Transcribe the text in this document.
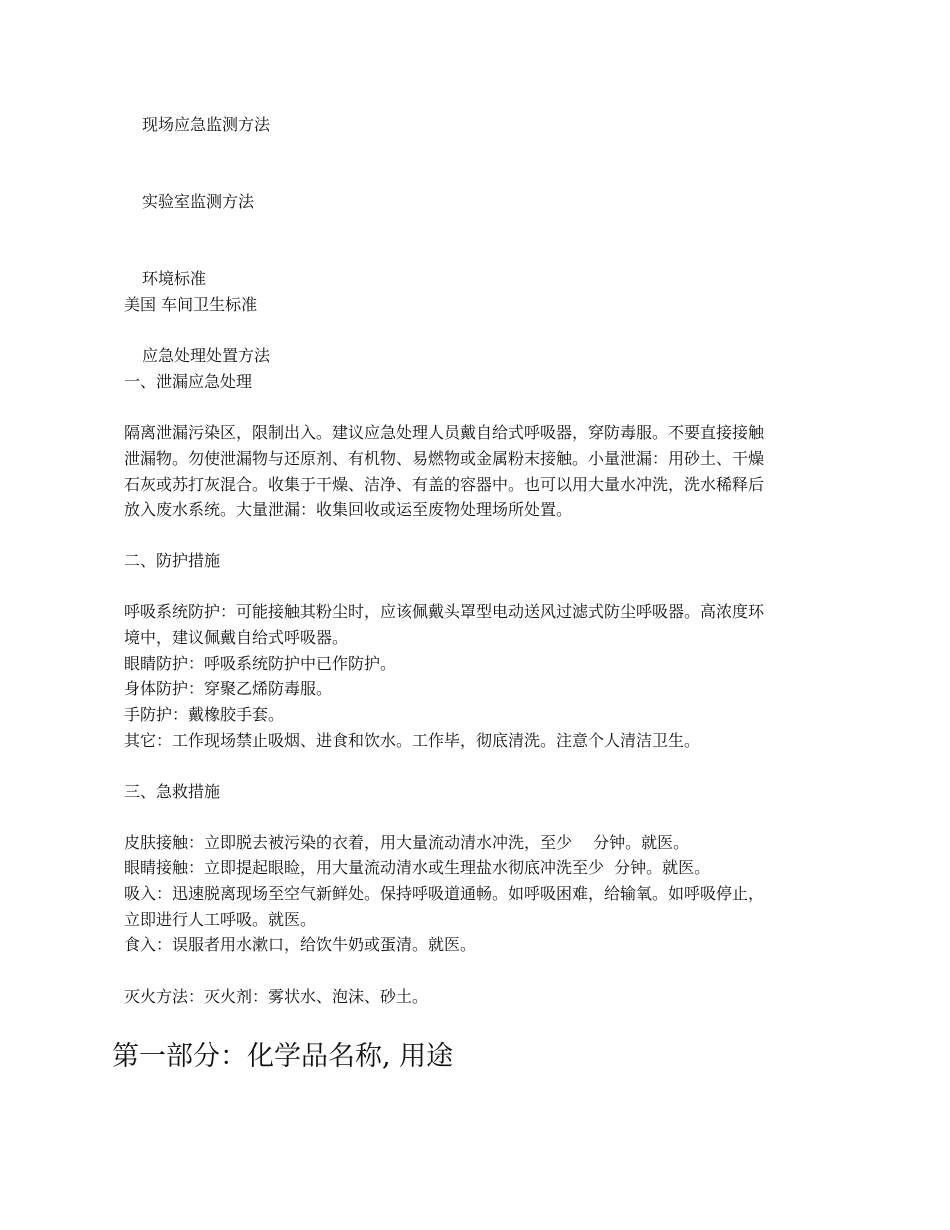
现场应急监测方法
实验室监测方法
环境标准
美国 车间卫生标准
应急处理处置方法
一、泄漏应急处理
隔离泄漏污染区，限制出入。建议应急处理人员戴自给式呼吸器，穿防毒服。不要直接接触
泄漏物。勿使泄漏物与还原剂、有机物、易燃物或金属粉末接触。小量泄漏：用砂土、干燥
石灰或苏打灰混合。收集于干燥、洁净、有盖的容器中。也可以用大量水冲洗，洗水稀释后
放入废水系统。大量泄漏：收集回收或运至废物处理场所处置。
二、防护措施
呼吸系统防护：可能接触其粉尘时，应该佩戴头罩型电动送风过滤式防尘呼吸器。高浓度环
境中，建议佩戴自给式呼吸器。
眼睛防护：呼吸系统防护中已作防护。
身体防护：穿聚乙烯防毒服。
手防护：戴橡胶手套。
其它：工作现场禁止吸烟、进食和饮水。工作毕，彻底清洗。注意个人清洁卫生。
三、急救措施
皮肤接触：立即脱去被污染的衣着，用大量流动清水冲洗，至少　 分钟。就医。
眼睛接触：立即提起眼睑，用大量流动清水或生理盐水彻底冲洗至少  分钟。就医。
吸入：迅速脱离现场至空气新鲜处。保持呼吸道通畅。如呼吸困难，给输氧。如呼吸停止，
立即进行人工呼吸。就医。
食入：误服者用水漱口，给饮牛奶或蛋清。就医。
灭火方法：灭火剂：雾状水、泡沫、砂土。
第一部分：化学品名称, 用途
